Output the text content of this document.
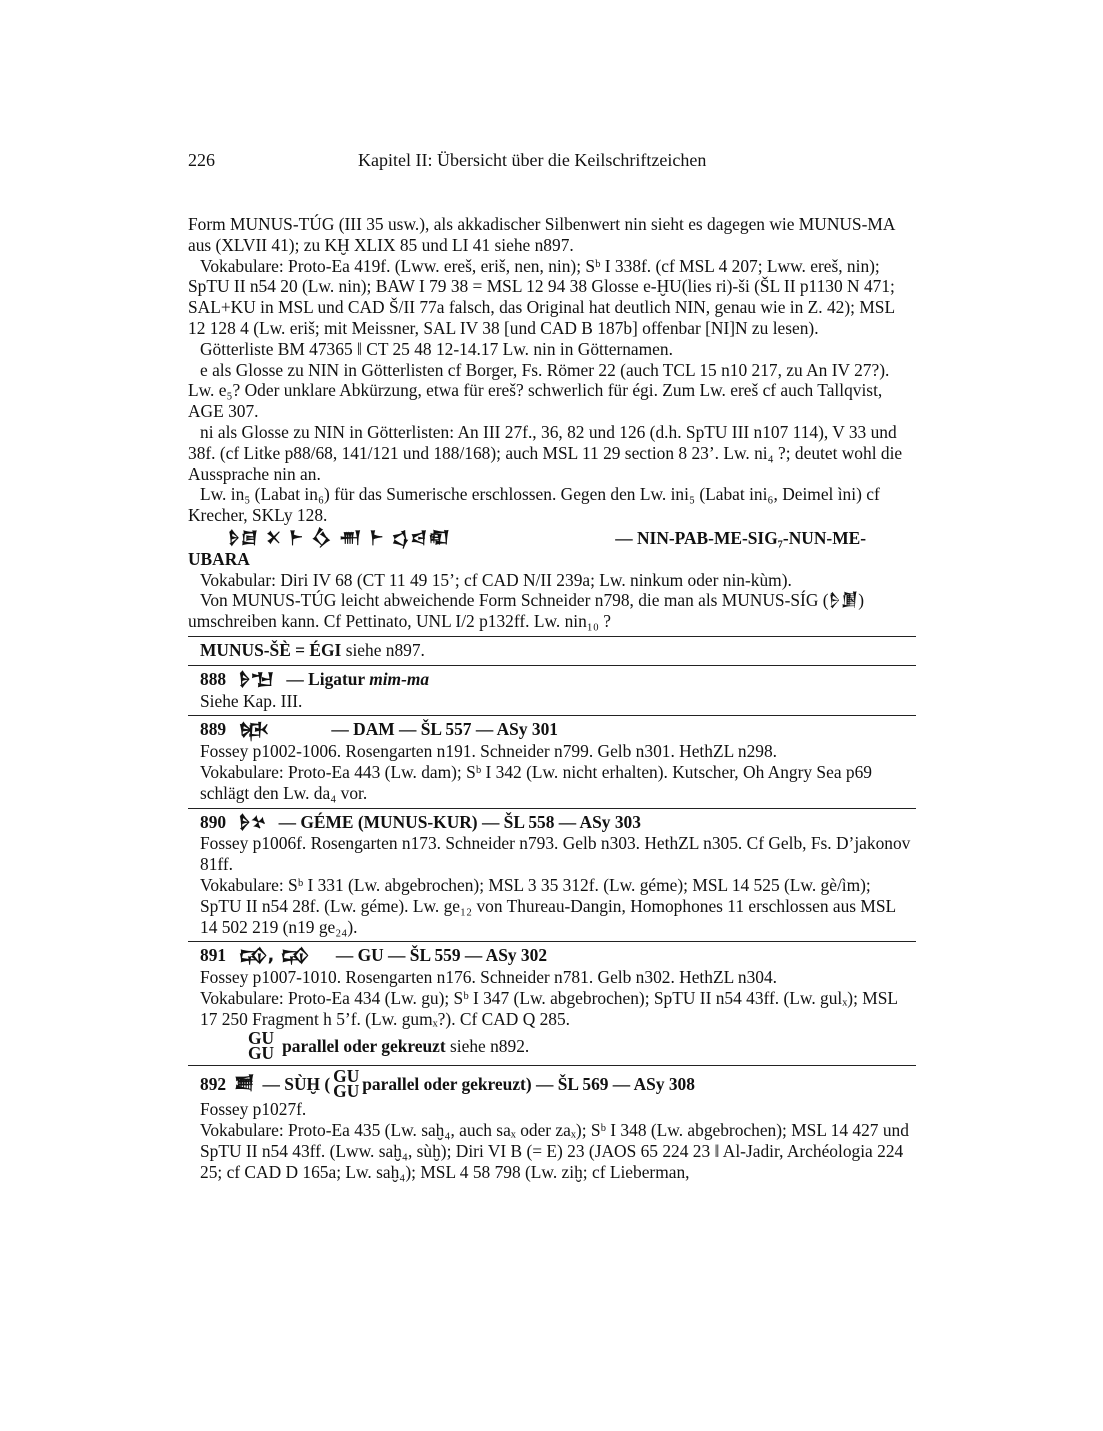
226	Kapitel II: Übersicht über die Keilschriftzeichen

Form MUNUS-TÚG (III 35 usw.), als akkadischer Silbenwert nin sieht es dagegen wie MUNUS-MA aus (XLVII 41); zu KḪ XLIX 85 und LI 41 siehe n897.

Vokabulare: Proto-Ea 419f. (Lww. ereš, eriš, nen, nin); Sᵇ I 338f. (cf MSL 4 207; Lww. ereš, nin); SpTU II n54 20 (Lw. nin); BAW I 79 38 = MSL 12 94 38 Glosse e-ḪU(lies ri)-ši (ŠL II p1130 N 471; SAL+KU in MSL und CAD Š/II 77a falsch, das Original hat deutlich NIN, genau wie in Z. 42); MSL 12 128 4 (Lw. eriš; mit Meissner, SAL IV 38 [und CAD B 187b] offenbar [NI]N zu lesen).

Götterliste BM 47365 ‖ CT 25 48 12-14.17 Lw. nin in Götternamen.

e als Glosse zu NIN in Götterlisten cf Borger, Fs. Römer 22 (auch TCL 15 n10 217, zu An IV 27?). Lw. e₅? Oder unklare Abkürzung, etwa für ereš? schwerlich für égi. Zum Lw. ereš cf auch Tallqvist, AGE 307.

ni als Glosse zu NIN in Götterlisten: An III 27f., 36, 82 und 126 (d.h. SpTU III n107 114), V 33 und 38f. (cf Litke p88/68, 141/121 und 188/168); auch MSL 11 29 section 8 23’. Lw. ni₄ ?; deutet wohl die Aussprache nin an.

Lw. in₅ (Labat in₆) für das Sumerische erschlossen. Gegen den Lw. ini₅ (Labat ini₆, Deimel ìni) cf Krecher, SKLy 128.

𒊩𒌆 𒉽 𒈨 𒋝 𒉣 𒈨 𒌓𒁀𒊏	— NIN-PAB-ME-SIG₇-NUN-ME-

UBARA

Vokabular: Diri IV 68 (CT 11 49 15’; cf CAD N/II 239a; Lw. ninkum oder nin-kùm).

Von MUNUS-TÚG leicht abweichende Form Schneider n798, die man als MUNUS-SÍG (𒊩𒋠) umschreiben kann. Cf Pettinato, UNL I/2 p132ff. Lw. nin₁₀ ?

MUNUS-ŠÈ = ÉGI siehe n897.

888 𒊩𒈠 — Ligatur mim-ma

Siehe Kap. III.

889 𒁮	— DAM — ŠL 557 — ASy 301

Fossey p1002-1006. Rosengarten n191. Schneider n799. Gelb n301. HethZL n298.

Vokabulare: Proto-Ea 443 (Lw. dam); Sᵇ I 342 (Lw. nicht erhalten). Kutscher, Oh Angry Sea p69 schlägt den Lw. da₄ vor.

890 𒊩𒆳 — GÉME (MUNUS-KUR) — ŠL 558 — ASy 303

Fossey p1006f. Rosengarten n173. Schneider n793. Gelb n303. HethZL n305. Cf Gelb, Fs. D’jakonov 81ff.

Vokabulare: Sᵇ I 331 (Lw. abgebrochen); MSL 3 35 312f. (Lw. géme); MSL 14 525 (Lw. gè/ìm); SpTU II n54 28f. (Lw. géme). Lw. ge₁₂ von Thureau-Dangin, Homophones 11 erschlossen aus MSL 14 502 219 (n19 ge₂₄).

891 𒄘, 𒄘 — GU — ŠL 559 — ASy 302

Fossey p1007-1010. Rosengarten n176. Schneider n781. Gelb n302. HethZL n304.

Vokabulare: Proto-Ea 434 (Lw. gu); Sᵇ I 347 (Lw. abgebrochen); SpTU II n54 43ff. (Lw. gulₓ); MSL 17 250 Fragment h 5’f. (Lw. gumₓ?). Cf CAD Q 285.

GU
GU parallel oder gekreuzt
siehe n892.

892 𒋢 — SÙḪ ( GU
GU parallel oder gekreuzt) — ŠL 569 — ASy 308

Fossey p1027f.

Vokabulare: Proto-Ea 435 (Lw. saḫ₄, auch saₓ oder zaₓ); Sᵇ I 348 (Lw. abgebrochen); MSL 14 427 und SpTU II n54 43ff. (Lww. saḫ₄, sùḫ); Diri VI B (= E) 23 (JAOS 65 224 23 ‖ Al-Jadir, Archéologia 224 25; cf CAD D 165a; Lw. saḫ₄); MSL 4 58 798 (Lw. ziḫ; cf Lieberman,
